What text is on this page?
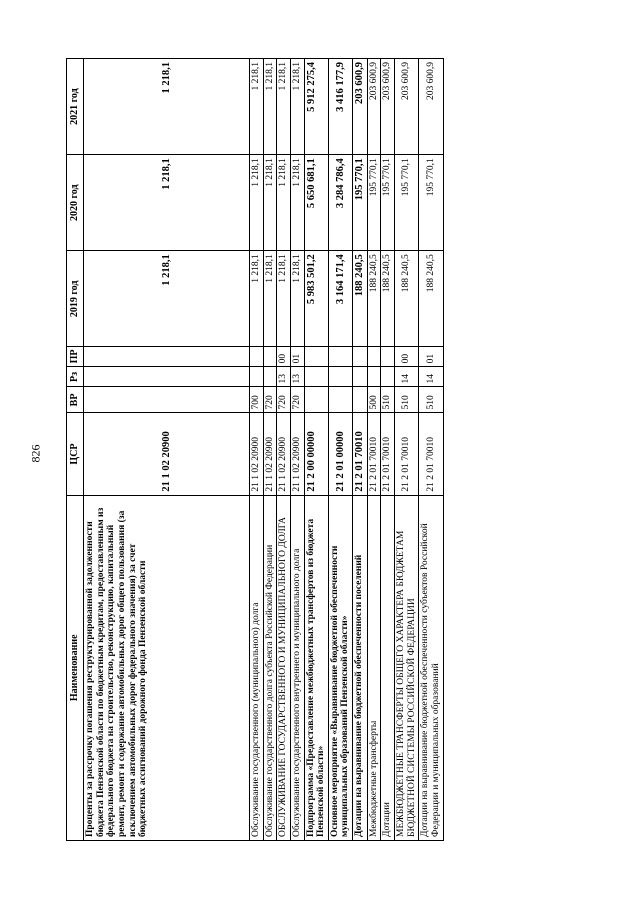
826
Наименование	ЦСР	ВР	Рз	ПР	2019 год	2020 год	2021 год
Проценты за рассрочку погашения реструктурированной задолженности бюджета Пензенской области по бюджетным кредитам, предоставленным из федерального бюджета на строительство, реконструкцию, капитальный ремонт, ремонт и содержание автомобильных дорог общего пользования (за исключением автомобильных дорог федерального значения) за счет бюджетных ассигнований дорожного фонда Пензенской области	21 1 02 20900				1 218,1	1 218,1	1 218,1
Обслуживание государственного (муниципального) долга	21 1 02 20900	700			1 218,1	1 218,1	1 218,1
Обслуживание государственного долга субъекта Российской Федерации	21 1 02 20900	720			1 218,1	1 218,1	1 218,1
ОБСЛУЖИВАНИЕ ГОСУДАРСТВЕННОГО И МУНИЦИПАЛЬНОГО ДОЛГА	21 1 02 20900	720	13	00	1 218,1	1 218,1	1 218,1
Обслуживание государственного внутреннего и муниципального долга	21 1 02 20900	720	13	01	1 218,1	1 218,1	1 218,1
Подпрограмма «Предоставление межбюджетных трансфертов из бюджета Пензенской области»	21 2 00 00000				5 983 501,2	5 650 681,1	5 912 275,4
Основное мероприятие «Выравнивание бюджетной обеспеченности муниципальных образований Пензенской области»	21 2 01 00000				3 164 171,4	3 284 786,4	3 416 177,9
Дотации на выравнивание бюджетной обеспеченности поселений	21 2 01 70010				188 240,5	195 770,1	203 600,9
Межбюджетные трансферты	21 2 01 70010	500			188 240,5	195 770,1	203 600,9
Дотации	21 2 01 70010	510			188 240,5	195 770,1	203 600,9
МЕЖБЮДЖЕТНЫЕ ТРАНСФЕРТЫ ОБЩЕГО ХАРАКТЕРА БЮДЖЕТАМ БЮДЖЕТНОЙ СИСТЕМЫ РОССИЙСКОЙ ФЕДЕРАЦИИ	21 2 01 70010	510	14	00	188 240,5	195 770,1	203 600,9
Дотации на выравнивание бюджетной обеспеченности субъектов Российской Федерации и муниципальных образований	21 2 01 70010	510	14	01	188 240,5	195 770,1	203 600,9
